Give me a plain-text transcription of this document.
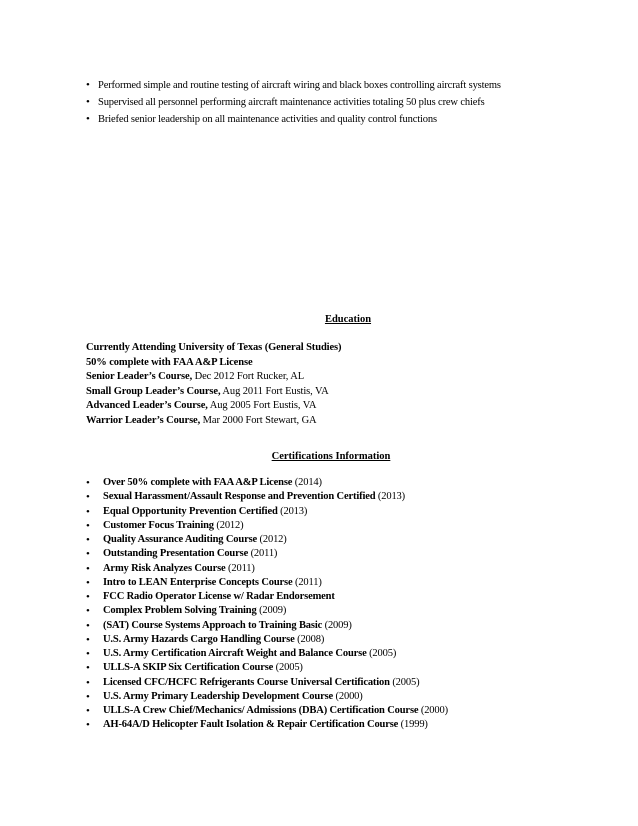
• Performed simple and routine testing of aircraft wiring and black boxes controlling aircraft systems
• Supervised all personnel performing aircraft maintenance activities totaling 50 plus crew chiefs
• Briefed senior leadership on all maintenance activities and quality control functions
Education
Currently Attending University of Texas (General Studies)
50% complete with FAA A&P License
Senior Leader’s Course, Dec 2012 Fort Rucker, AL
Small Group Leader’s Course, Aug 2011 Fort Eustis, VA
Advanced Leader’s Course, Aug 2005 Fort Eustis, VA
Warrior Leader’s Course, Mar 2000 Fort Stewart, GA
Certifications Information
• Over 50% complete with FAA A&P License (2014)
• Sexual Harassment/Assault Response and Prevention Certified (2013)
• Equal Opportunity Prevention Certified (2013)
• Customer Focus Training (2012)
• Quality Assurance Auditing Course (2012)
• Outstanding Presentation Course (2011)
• Army Risk Analyzes Course (2011)
• Intro to LEAN Enterprise Concepts Course (2011)
• FCC Radio Operator License w/ Radar Endorsement
• Complex Problem Solving Training (2009)
• (SAT) Course Systems Approach to Training Basic (2009)
• U.S. Army Hazards Cargo Handling Course (2008)
• U.S. Army Certification Aircraft Weight and Balance Course (2005)
• ULLS-A SKIP Six Certification Course (2005)
• Licensed CFC/HCFC Refrigerants Course Universal Certification (2005)
• U.S. Army Primary Leadership Development Course (2000)
• ULLS-A Crew Chief/Mechanics/ Admissions (DBA) Certification Course (2000)
• AH-64A/D Helicopter Fault Isolation & Repair Certification Course (1999)
